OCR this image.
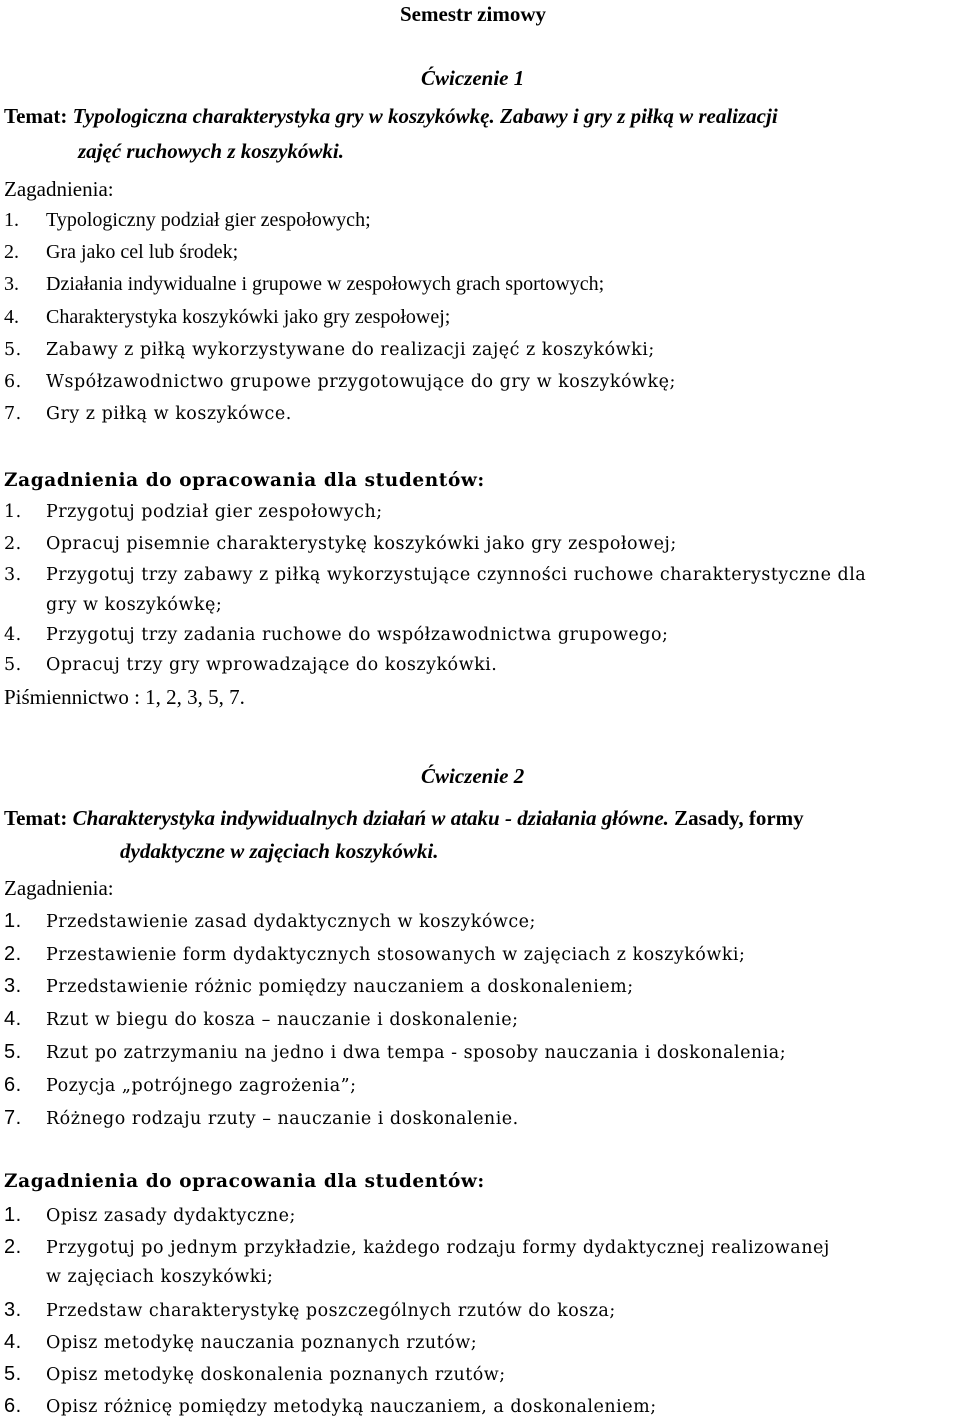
Semestr zimowy
Ćwiczenie 1
Temat: Typologiczna charakterystyka gry w koszykówkę. Zabawy i gry z piłką w realizacji
zajęć ruchowych z koszykówki.
Zagadnienia:
1. Typologiczny podział gier zespołowych;
2. Gra jako cel lub środek;
3. Działania indywidualne i grupowe w zespołowych grach sportowych;
4. Charakterystyka koszykówki jako gry zespołowej;
5. Zabawy z piłką wykorzystywane do realizacji zajęć z koszykówki;
6. Współzawodnictwo grupowe przygotowujące do gry w koszykówkę;
7. Gry z piłką w koszykówce.
Zagadnienia do opracowania dla studentów:
1. Przygotuj podział gier zespołowych;
2. Opracuj pisemnie charakterystykę koszykówki jako gry zespołowej;
3. Przygotuj trzy zabawy z piłką wykorzystujące czynności ruchowe charakterystyczne dla
gry w koszykówkę;
4. Przygotuj trzy zadania ruchowe do współzawodnictwa grupowego;
5. Opracuj trzy gry wprowadzające do koszykówki.
Piśmiennictwo : 1, 2, 3, 5, 7.
Ćwiczenie 2
Temat: Charakterystyka indywidualnych działań w ataku - działania główne. Zasady, formy
dydaktyczne w zajęciach koszykówki.
Zagadnienia:
1. Przedstawienie zasad dydaktycznych w koszykówce;
2. Przestawienie form dydaktycznych stosowanych w zajęciach z koszykówki;
3. Przedstawienie różnic pomiędzy nauczaniem a doskonaleniem;
4. Rzut w biegu do kosza – nauczanie i doskonalenie;
5. Rzut po zatrzymaniu na jedno i dwa tempa - sposoby nauczania i doskonalenia;
6. Pozycja „potrójnego zagrożenia”;
7. Różnego rodzaju rzuty – nauczanie i doskonalenie.
Zagadnienia do opracowania dla studentów:
1. Opisz zasady dydaktyczne;
2. Przygotuj po jednym przykładzie, każdego rodzaju formy dydaktycznej realizowanej
w zajęciach koszykówki;
3. Przedstaw charakterystykę poszczególnych rzutów do kosza;
4. Opisz metodykę nauczania poznanych rzutów;
5. Opisz metodykę doskonalenia poznanych rzutów;
6. Opisz różnicę pomiędzy metodyką nauczaniem, a doskonaleniem;
